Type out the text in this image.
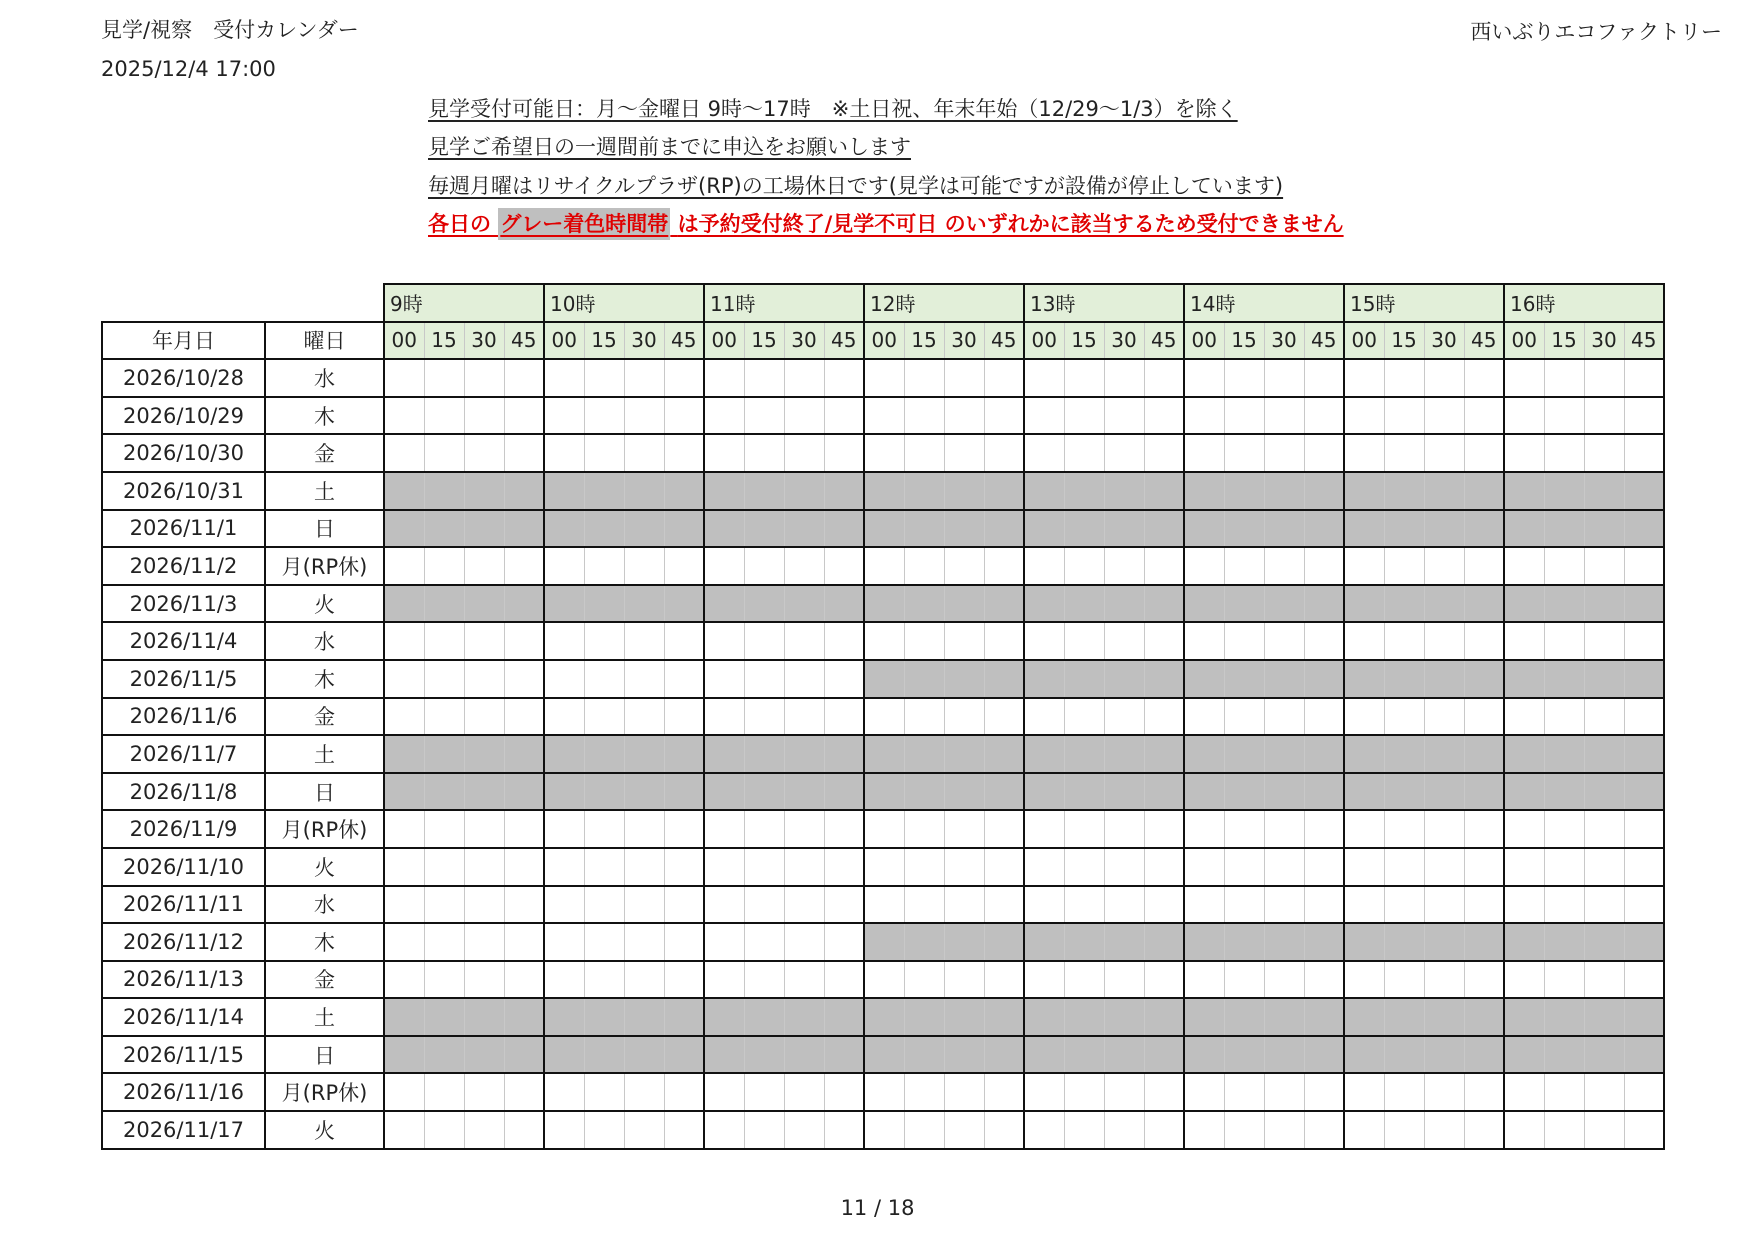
見学/視察　受付カレンダー
2025/12/4 17:00
西いぶりエコファクトリー
見学受付可能日：月～金曜日 9時～17時　※土日祝、年末年始（12/29～1/3）を除く
見学ご希望日の一週間前までに申込をお願いします
毎週月曜はリサイクルプラザ(RP)の工場休日です(見学は可能ですが設備が停止しています)
各日の グレー着色時間帯 は予約受付終了/見学不可日 のいずれかに該当するため受付できません
		9時				10時				11時				12時				13時				14時				15時				16時			
年月日	曜日	00	15	30	45	00	15	30	45	00	15	30	45	00	15	30	45	00	15	30	45	00	15	30	45	00	15	30	45	00	15	30	45
2026/10/28	水																																
2026/10/29	木																																
2026/10/30	金																																
2026/10/31	土																																
2026/11/1	日																																
2026/11/2	月(RP休)																																
2026/11/3	火																																
2026/11/4	水																																
2026/11/5	木																																
2026/11/6	金																																
2026/11/7	土																																
2026/11/8	日																																
2026/11/9	月(RP休)																																
2026/11/10	火																																
2026/11/11	水																																
2026/11/12	木																																
2026/11/13	金																																
2026/11/14	土																																
2026/11/15	日																																
2026/11/16	月(RP休)																																
2026/11/17	火																																
11 / 18
